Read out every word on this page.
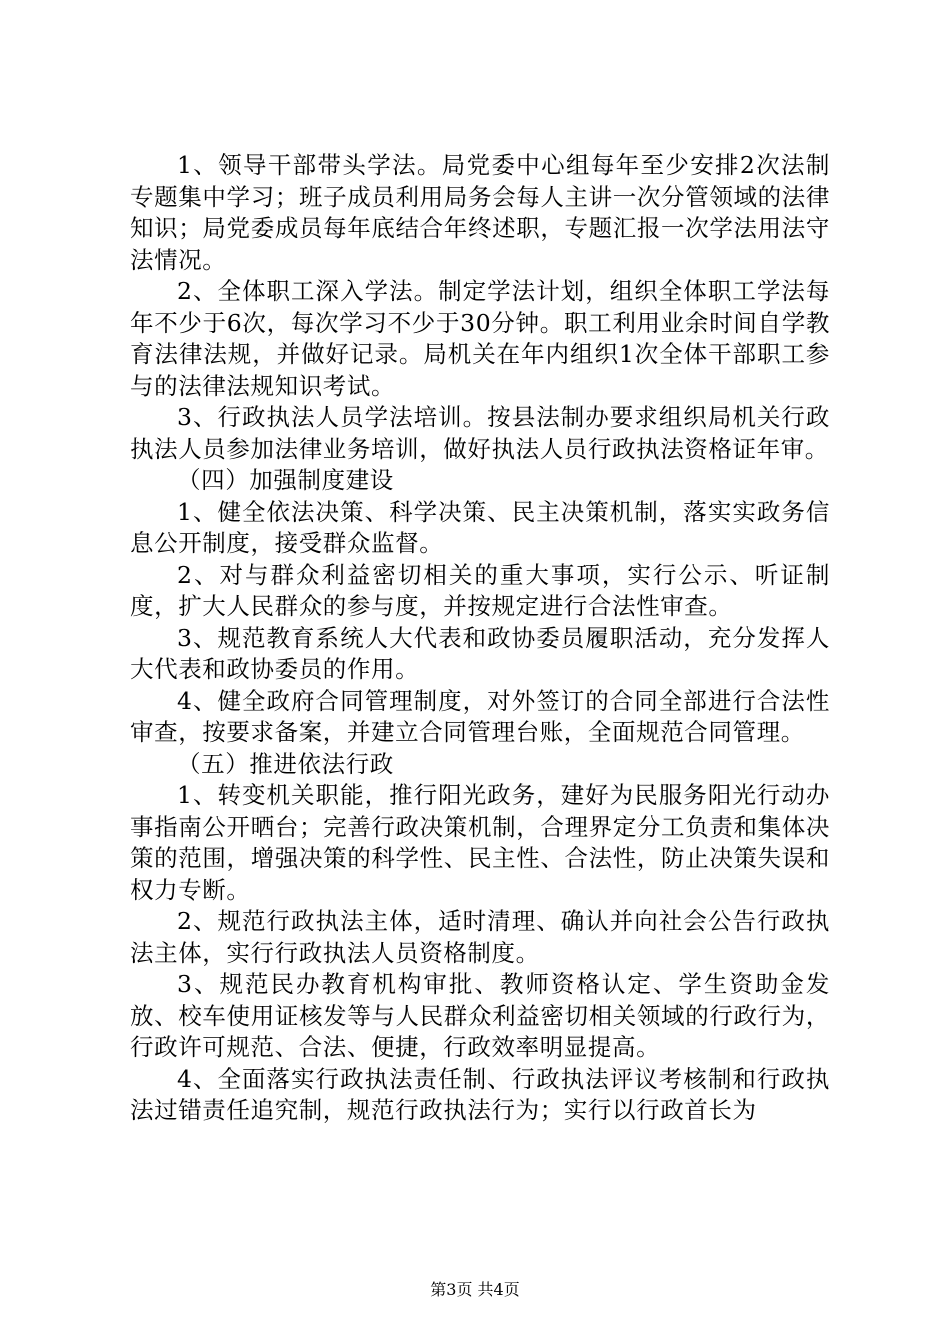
1、领导干部带头学法。局党委中心组每年至少安排2次法制专题集中学习；班子成员利用局务会每人主讲一次分管领域的法律知识；局党委成员每年底结合年终述职，专题汇报一次学法用法守法情况。

2、全体职工深入学法。制定学法计划，组织全体职工学法每年不少于6次，每次学习不少于30分钟。职工利用业余时间自学教育法律法规，并做好记录。局机关在年内组织1次全体干部职工参与的法律法规知识考试。

3、行政执法人员学法培训。按县法制办要求组织局机关行政执法人员参加法律业务培训，做好执法人员行政执法资格证年审。

（四）加强制度建设

1、健全依法决策、科学决策、民主决策机制，落实实政务信息公开制度，接受群众监督。

2、对与群众利益密切相关的重大事项，实行公示、听证制度，扩大人民群众的参与度，并按规定进行合法性审查。

3、规范教育系统人大代表和政协委员履职活动，充分发挥人大代表和政协委员的作用。

4、健全政府合同管理制度，对外签订的合同全部进行合法性审查，按要求备案，并建立合同管理台账，全面规范合同管理。

（五）推进依法行政

1、转变机关职能，推行阳光政务，建好为民服务阳光行动办事指南公开晒台；完善行政决策机制，合理界定分工负责和集体决策的范围，增强决策的科学性、民主性、合法性，防止决策失误和权力专断。

2、规范行政执法主体，适时清理、确认并向社会公告行政执法主体，实行行政执法人员资格制度。

3、规范民办教育机构审批、教师资格认定、学生资助金发放、校车使用证核发等与人民群众利益密切相关领域的行政行为，行政许可规范、合法、便捷，行政效率明显提高。

4、全面落实行政执法责任制、行政执法评议考核制和行政执法过错责任追究制，规范行政执法行为；实行以行政首长为

第3页 共4页
